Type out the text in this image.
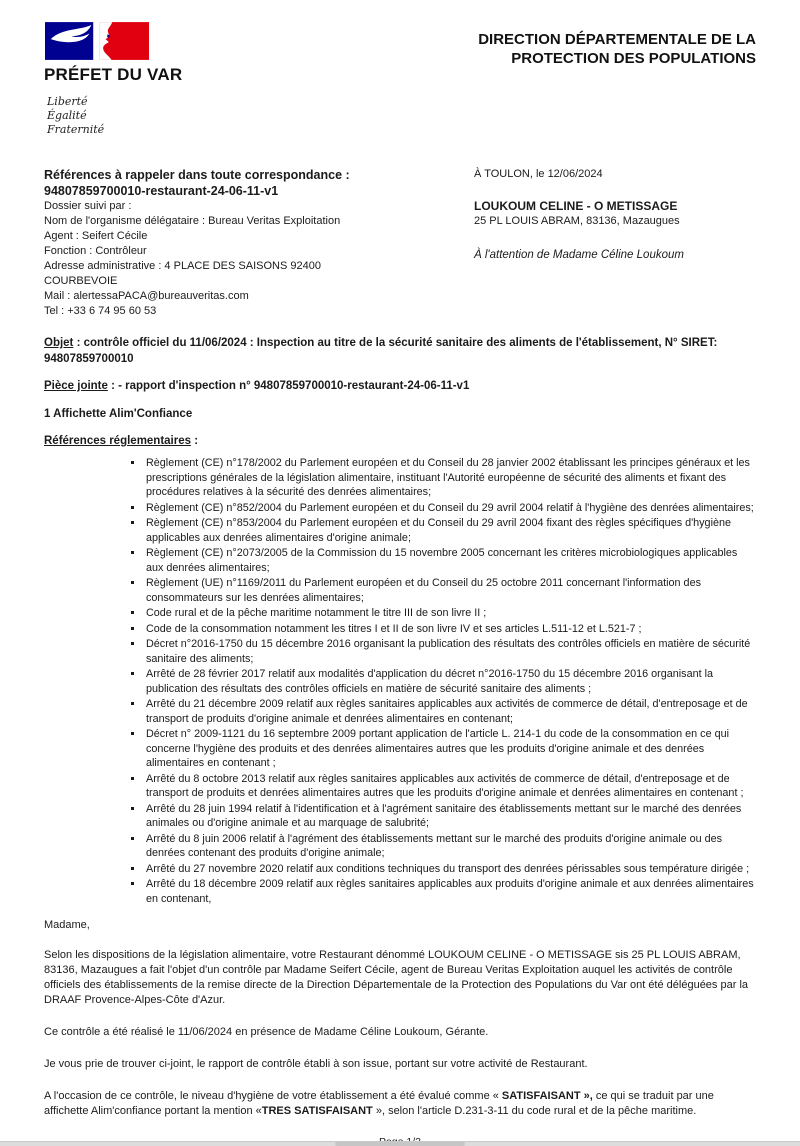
PRÉFET DU VAR
Liberté
Égalité
Fraternité
DIRECTION DÉPARTEMENTALE DE LA PROTECTION DES POPULATIONS
Références à rappeler dans toute correspondance :
94807859700010-restaurant-24-06-11-v1
Dossier suivi par :
Nom de l'organisme délégataire : Bureau Veritas Exploitation
Agent : Seifert Cécile
Fonction : Contrôleur
Adresse administrative : 4 PLACE DES SAISONS 92400 COURBEVOIE
Mail : alertessaPACA@bureauveritas.com
Tel : +33 6 74 95 60 53
À TOULON, le 12/06/2024
LOUKOUM CELINE - O METISSAGE
25 PL LOUIS ABRAM, 83136, Mazaugues
À l'attention de Madame Céline Loukoum
Objet : contrôle officiel du 11/06/2024 : Inspection au titre de la sécurité sanitaire des aliments de l'établissement, N° SIRET: 94807859700010
Pièce jointe : - rapport d'inspection n° 94807859700010-restaurant-24-06-11-v1
1 Affichette Alim'Confiance
Références réglementaires :
▪ Règlement (CE) n°178/2002 du Parlement européen et du Conseil du 28 janvier 2002 établissant les principes généraux et les prescriptions générales de la législation alimentaire, instituant l'Autorité européenne de sécurité des aliments et fixant des procédures relatives à la sécurité des denrées alimentaires;
▪ Règlement (CE) n°852/2004 du Parlement européen et du Conseil du 29 avril 2004 relatif à l'hygiène des denrées alimentaires;
▪ Règlement (CE) n°853/2004 du Parlement européen et du Conseil du 29 avril 2004 fixant des règles spécifiques d'hygiène applicables aux denrées alimentaires d'origine animale;
▪ Règlement (CE) n°2073/2005 de la Commission du 15 novembre 2005 concernant les critères microbiologiques applicables aux denrées alimentaires;
▪ Règlement (UE) n°1169/2011 du Parlement européen et du Conseil du 25 octobre 2011 concernant l'information des consommateurs sur les denrées alimentaires;
▪ Code rural et de la pêche maritime notamment le titre III de son livre II ;
▪ Code de la consommation notamment les titres I et II de son livre IV et ses articles L.511-12 et L.521-7 ;
▪ Décret n°2016-1750 du 15 décembre 2016 organisant la publication des résultats des contrôles officiels en matière de sécurité sanitaire des aliments;
▪ Arrêté de 28 février 2017 relatif aux modalités d'application du décret n°2016-1750 du 15 décembre 2016 organisant la publication des résultats des contrôles officiels en matière de sécurité sanitaire des aliments ;
▪ Arrêté du 21 décembre 2009 relatif aux règles sanitaires applicables aux activités de commerce de détail, d'entreposage et de transport de produits d'origine animale et denrées alimentaires en contenant;
▪ Décret n° 2009-1121 du 16 septembre 2009 portant application de l'article L. 214-1 du code de la consommation en ce qui concerne l'hygiène des produits et des denrées alimentaires autres que les produits d'origine animale et des denrées alimentaires en contenant ;
▪ Arrêté du 8 octobre 2013 relatif aux règles sanitaires applicables aux activités de commerce de détail, d'entreposage et de transport de produits et denrées alimentaires autres que les produits d'origine animale et denrées alimentaires en contenant ;
▪ Arrêté du 28 juin 1994 relatif à l'identification et à l'agrément sanitaire des établissements mettant sur le marché des denrées animales ou d'origine animale et au marquage de salubrité;
▪ Arrêté du 8 juin 2006 relatif à l'agrément des établissements mettant sur le marché des produits d'origine animale ou des denrées contenant des produits d'origine animale;
▪ Arrêté du 27 novembre 2020 relatif aux conditions techniques du transport des denrées périssables sous température dirigée ;
▪ Arrêté du 18 décembre 2009 relatif aux règles sanitaires applicables aux produits d'origine animale et aux denrées alimentaires en contenant,
Madame,

Selon les dispositions de la législation alimentaire, votre Restaurant dénommé LOUKOUM CELINE - O METISSAGE sis 25 PL LOUIS ABRAM, 83136, Mazaugues a fait l'objet d'un contrôle par Madame Seifert Cécile, agent de Bureau Veritas Exploitation auquel les activités de contrôle officiels des établissements de la remise directe de la Direction Départementale de la Protection des Populations du Var ont été déléguées par la DRAAF Provence-Alpes-Côte d'Azur.

Ce contrôle a été réalisé le 11/06/2024 en présence de Madame Céline Loukoum, Gérante.

Je vous prie de trouver ci-joint, le rapport de contrôle établi à son issue, portant sur votre activité de Restaurant.

A l'occasion de ce contrôle, le niveau d'hygiène de votre établissement a été évalué comme « SATISFAISANT », ce qui se traduit par une affichette Alim'confiance portant la mention «TRES SATISFAISANT », selon l'article D.231-3-11 du code rural et de la pêche maritime.
